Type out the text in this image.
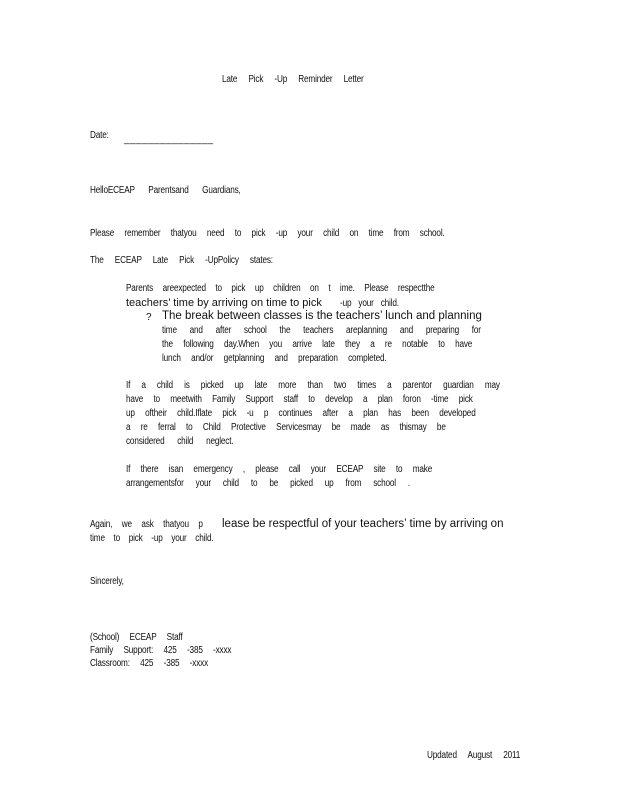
Late Pick -Up Reminder Letter
Date: _______________
HelloECEAP Parentsand Guardians,
Please remember thatyou need to pick -up your child on time from school.
The ECEAP Late Pick -UpPolicy states:
Parents areexpected to pick up children on t ime. Please respectthe
teachers’ time by arriving on time to pick -up your child.
? The break between classes is the teachers’ lunch and planning
time and after school the teachers areplanning and preparing for
the following day.When you arrive late they a re notable to have
lunch and/or getplanning and preparation completed.
If a child is picked up late more than two times a parentor guardian may
have to meetwith Family Support staff to develop a plan foron -time pick
up oftheir child.Iflate pick -u p continues after a plan has been developed
a re ferral to Child Protective Servicesmay be made as thismay be
considered child neglect.
If there isan emergency , please call your ECEAP site to make
arrangementsfor your child to be picked up from school .
Again, we ask thatyou p lease be respectful of your teachers’ time by arriving on
time to pick -up your child.
Sincerely,
(School) ECEAP Staff
Family Support: 425 -385 -xxxx
Classroom: 425 -385 -xxxx
Updated August 2011
